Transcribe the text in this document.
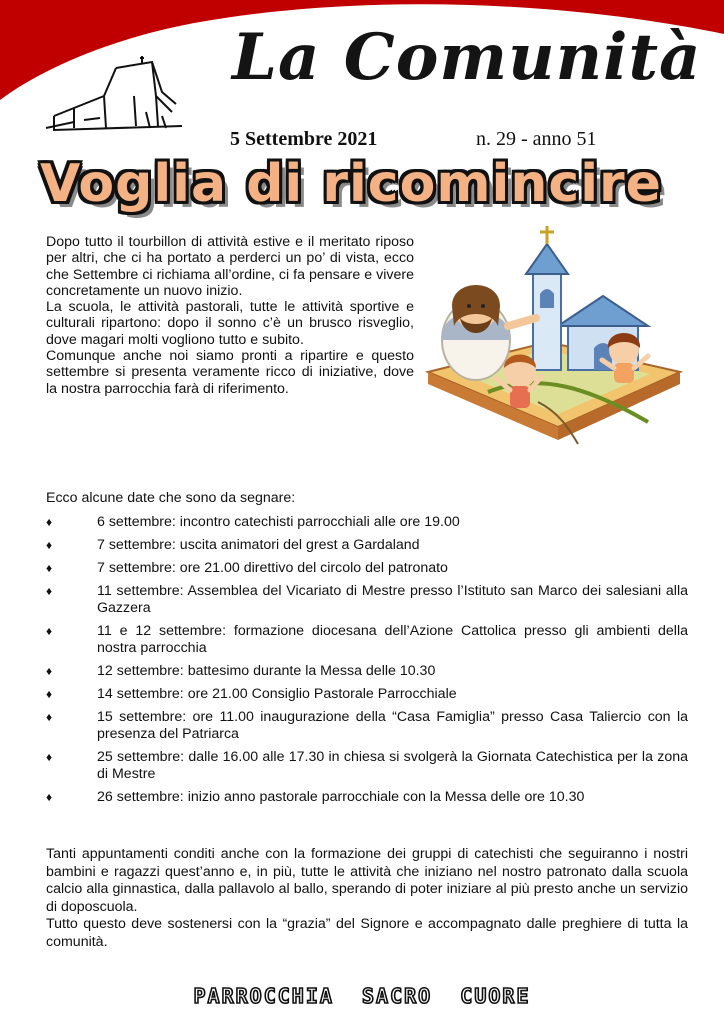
La Comunità
5 Settembre 2021	n. 29 - anno 51
Voglia di ricomincire

Dopo tutto il tourbillon di attività estive e il meritato riposo per altri, che ci ha portato a perderci un po’ di vista, ecco che Settembre ci richiama all’ordine, ci fa pensare e vivere concretamente un nuovo inizio.

La scuola, le attività pastorali, tutte le attività sportive e culturali ripartono: dopo il sonno c’è un brusco risveglio, dove magari molti vogliono tutto e subito.

Comunque anche noi siamo pronti a ripartire e questo settembre si presenta veramente ricco di iniziative, dove la nostra parrocchia farà di riferimento.

Ecco alcune date che sono da segnare:
♦	6 settembre: incontro catechisti parrocchiali alle ore 19.00
♦	7 settembre: uscita animatori del grest a Gardaland
♦	7 settembre: ore 21.00 direttivo del circolo del patronato
♦	11 settembre: Assemblea del Vicariato di Mestre presso l’Istituto san Marco dei salesiani alla Gazzera
♦	11 e 12 settembre: formazione diocesana dell’Azione Cattolica presso gli ambienti della nostra parrocchia
♦	12 settembre: battesimo durante la Messa delle 10.30
♦	14 settembre: ore 21.00 Consiglio Pastorale Parrocchiale
♦	15 settembre: ore 11.00 inaugurazione della “Casa Famiglia” presso Casa Taliercio con la presenza del Patriarca
♦	25 settembre: dalle 16.00 alle 17.30 in chiesa si svolgerà la Giornata Catechistica per la zona di Mestre
♦	26 settembre: inizio anno pastorale parrocchiale con la Messa delle ore 10.30

Tanti appuntamenti conditi anche con la formazione dei gruppi di catechisti che seguiranno i nostri bambini e ragazzi quest’anno e, in più, tutte le attività che iniziano nel nostro patronato dalla scuola calcio alla ginnastica, dalla pallavolo al ballo, sperando di poter iniziare al più presto anche un servizio di doposcuola.

Tutto questo deve sostenersi con la “grazia” del Signore e accompagnato dalle preghiere di tutta la comunità.

PARROCCHIA  SACRO  CUORE
